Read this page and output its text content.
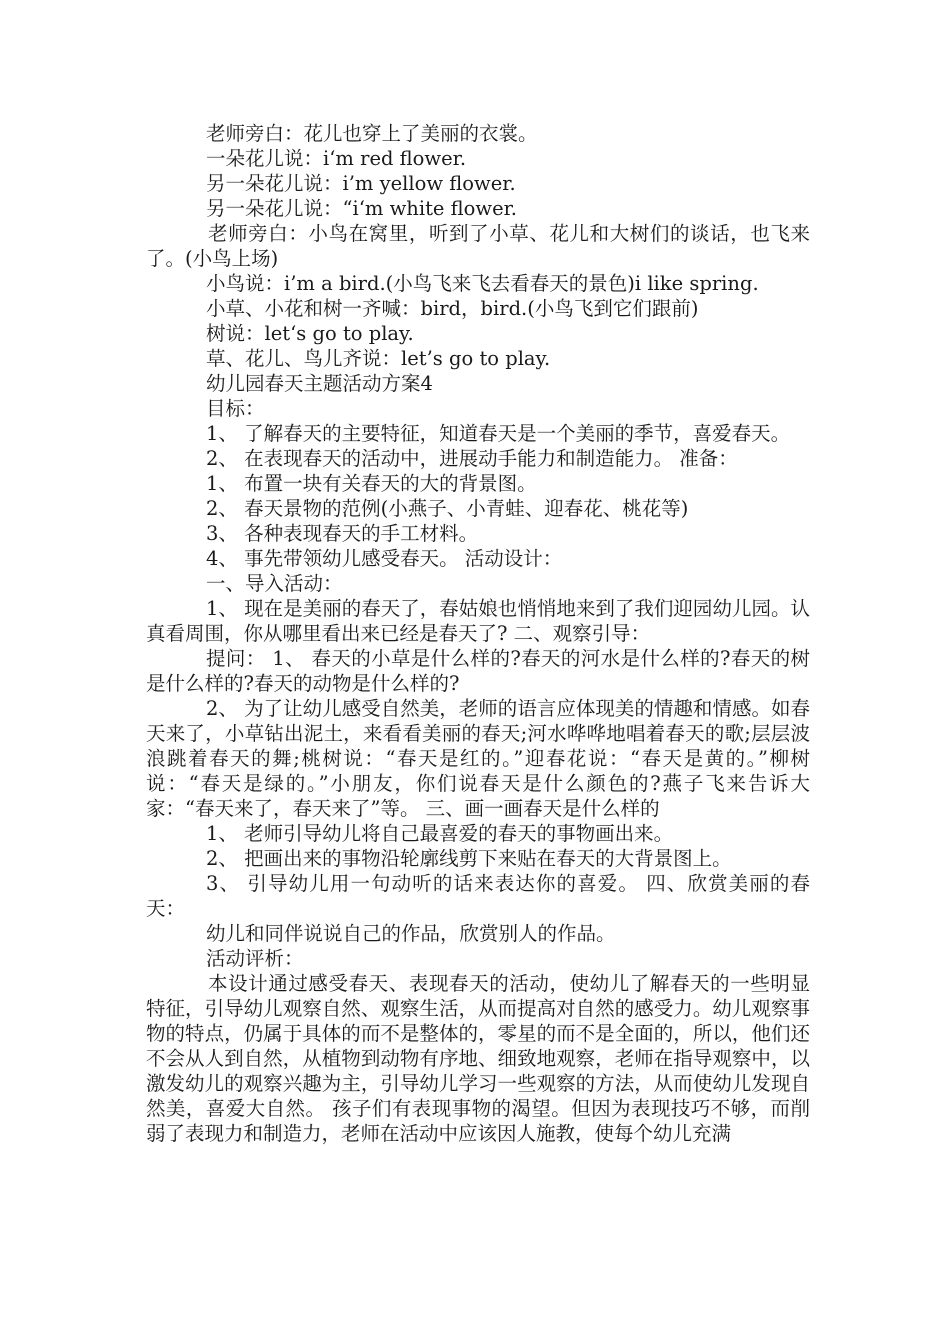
老师旁白：花儿也穿上了美丽的衣裳。

一朵花儿说：i‘m red flower.

另一朵花儿说：i’m yellow flower.

另一朵花儿说：“i‘m white flower.

老师旁白：小鸟在窝里，听到了小草、花儿和大树们的谈话，也飞来了。(小鸟上场)

小鸟说：i’m a bird.(小鸟飞来飞去看春天的景色)i like spring.

小草、小花和树一齐喊：bird，bird.(小鸟飞到它们跟前)

树说：let‘s go to play.

草、花儿、鸟儿齐说：let’s go to play.

幼儿园春天主题活动方案4

目标：

1、 了解春天的主要特征，知道春天是一个美丽的季节，喜爱春天。

2、 在表现春天的活动中，进展动手能力和制造能力。 准备：

1、 布置一块有关春天的大的背景图。

2、 春天景物的范例(小燕子、小青蛙、迎春花、桃花等)

3、 各种表现春天的手工材料。

4、 事先带领幼儿感受春天。 活动设计：

一、导入活动：

1、 现在是美丽的春天了，春姑娘也悄悄地来到了我们迎园幼儿园。认真看周围，你从哪里看出来已经是春天了? 二、观察引导：

提问： 1、 春天的小草是什么样的?春天的河水是什么样的?春天的树是什么样的?春天的动物是什么样的?

2、 为了让幼儿感受自然美，老师的语言应体现美的情趣和情感。如春天来了，小草钻出泥土，来看看美丽的春天;河水哗哗地唱着春天的歌;层层波浪跳着春天的舞;桃树说：“春天是红的。”迎春花说：“春天是黄的。”柳树说：“春天是绿的。”小朋友，你们说春天是什么颜色的?燕子飞来告诉大家：“春天来了，春天来了”等。 三、画一画春天是什么样的

1、 老师引导幼儿将自己最喜爱的春天的事物画出来。

2、 把画出来的事物沿轮廓线剪下来贴在春天的大背景图上。

3、 引导幼儿用一句动听的话来表达你的喜爱。 四、欣赏美丽的春天：

幼儿和同伴说说自己的作品，欣赏别人的作品。

活动评析：

本设计通过感受春天、表现春天的活动，使幼儿了解春天的一些明显特征，引导幼儿观察自然、观察生活，从而提高对自然的感受力。幼儿观察事物的特点，仍属于具体的而不是整体的，零星的而不是全面的，所以，他们还不会从人到自然，从植物到动物有序地、细致地观察，老师在指导观察中，以激发幼儿的观察兴趣为主，引导幼儿学习一些观察的方法，从而使幼儿发现自然美，喜爱大自然。 孩子们有表现事物的渴望。但因为表现技巧不够，而削弱了表现力和制造力，老师在活动中应该因人施教，使每个幼儿充满
